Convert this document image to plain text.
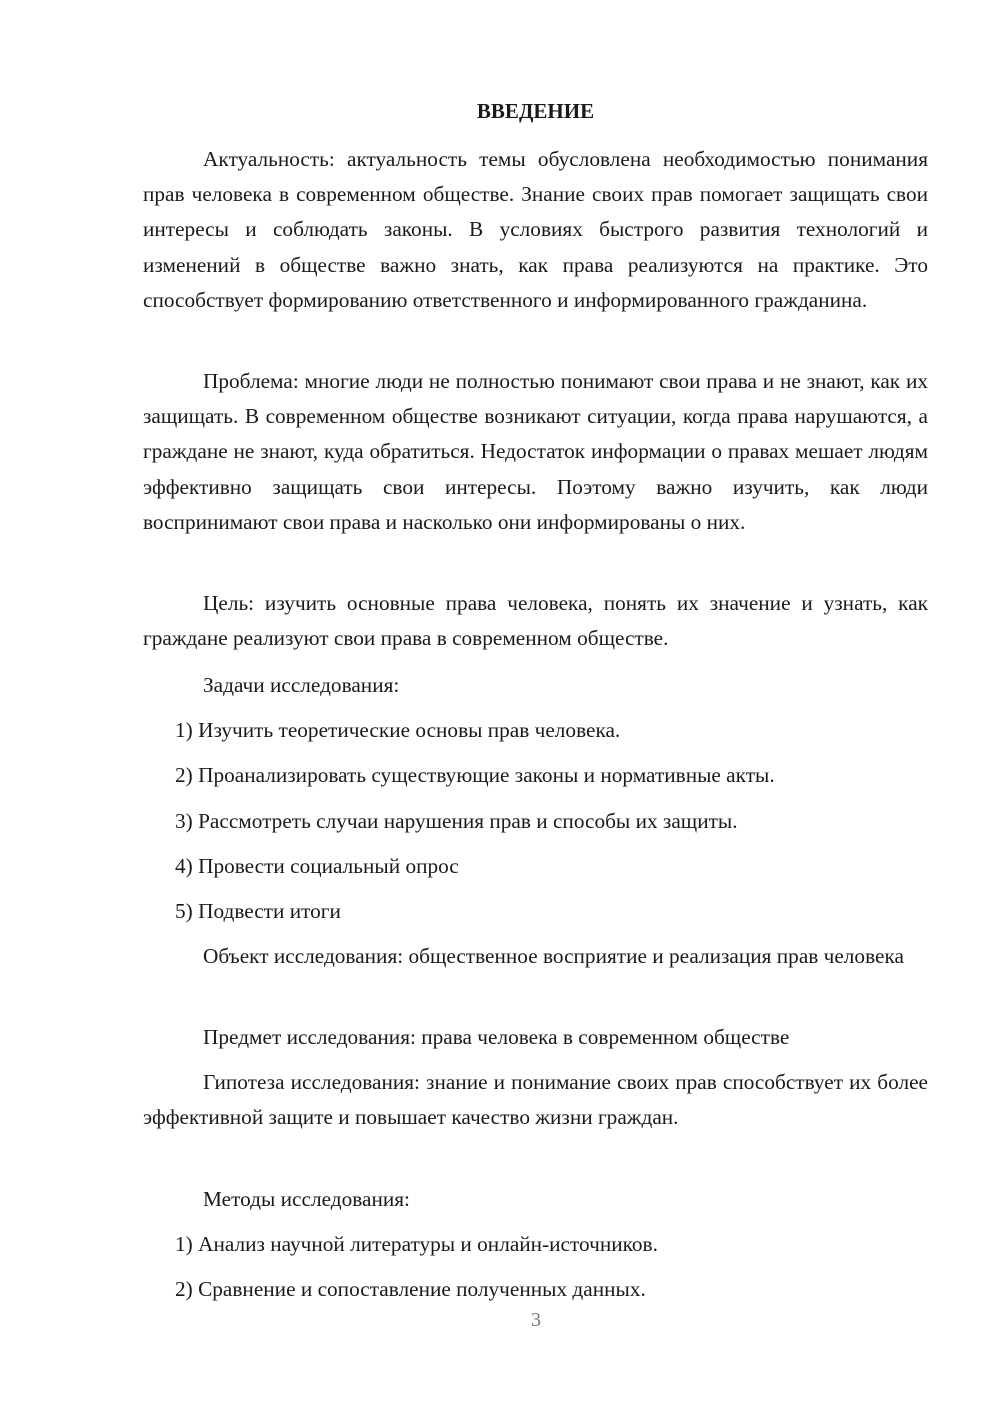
ВВЕДЕНИЕ

Актуальность: актуальность темы обусловлена необходимостью понимания прав человека в современном обществе. Знание своих прав помогает защищать свои интересы и соблюдать законы. В условиях быстрого развития технологий и изменений в обществе важно знать, как права реализуются на практике. Это способствует формированию ответственного и информированного гражданина.

Проблема: многие люди не полностью понимают свои права и не знают, как их защищать. В современном обществе возникают ситуации, когда права нарушаются, а граждане не знают, куда обратиться. Недостаток информации о правах мешает людям эффективно защищать свои интересы. Поэтому важно изучить, как люди воспринимают свои права и насколько они информированы о них.

Цель: изучить основные права человека, понять их значение и узнать, как граждане реализуют свои права в современном обществе.

Задачи исследования:

1) Изучить теоретические основы прав человека.

2) Проанализировать существующие законы и нормативные акты.

3) Рассмотреть случаи нарушения прав и способы их защиты.

4) Провести социальный опрос

5) Подвести итоги

Объект исследования: общественное восприятие и реализация прав человека

Предмет исследования: права человека в современном обществе

Гипотеза исследования: знание и понимание своих прав способствует их более эффективной защите и повышает качество жизни граждан.

Методы исследования:

1) Анализ научной литературы и онлайн-источников.

2) Сравнение и сопоставление полученных данных.

3
